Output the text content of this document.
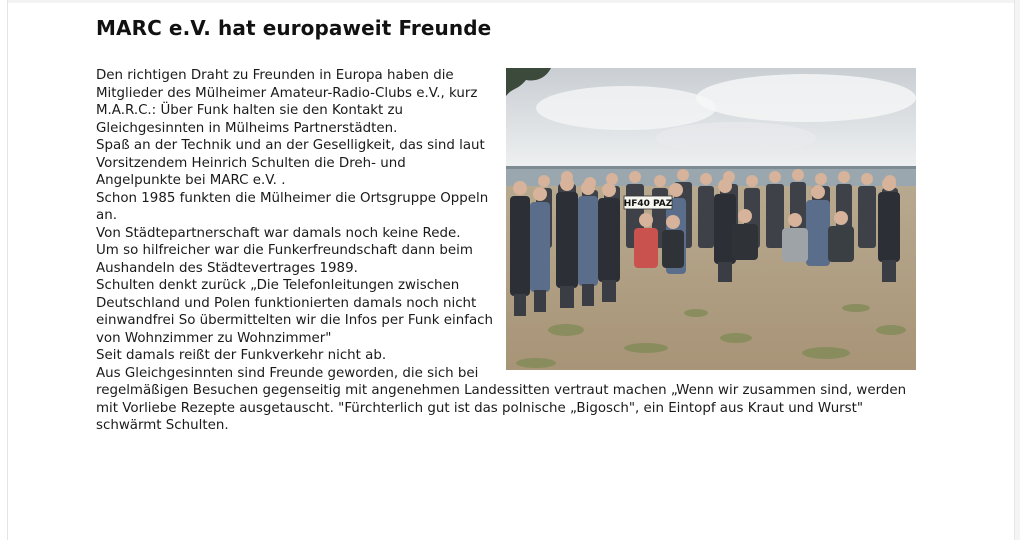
MARC e.V. hat europaweit Freunde
HF40 PAZ

Den richtigen Draht zu Freunden in Europa haben die Mitglieder des Mülheimer Amateur-Radio-Clubs e.V., kurz M.A.R.C.: Über Funk halten sie den Kontakt zu Gleichgesinnten in Mülheims Partnerstädten.

Spaß an der Technik und an der Geselligkeit, das sind laut Vorsitzendem Heinrich Schulten die Dreh- und Angelpunkte bei MARC e.V. .

Schon 1985 funkten die Mülheimer die Ortsgruppe Oppeln an.

Von Städtepartnerschaft war damals noch keine Rede.

Um so hilfreicher war die Funkerfreundschaft dann beim Aushandeln des Städtevertrages 1989.

Schulten denkt zurück „Die Telefonleitungen zwischen Deutschland und Polen funktionierten damals noch nicht einwandfrei So übermittelten wir die Infos per Funk einfach von Wohnzimmer zu Wohnzimmer"

Seit damals reißt der Funkverkehr nicht ab.

Aus Gleichgesinnten sind Freunde geworden, die sich bei regelmäßigen Besuchen gegenseitig mit angenehmen Landessitten vertraut machen „Wenn wir zusammen sind, werden mit Vorliebe Rezepte ausgetauscht. "Fürchterlich gut ist das polnische „Bigosch", ein Eintopf aus Kraut und Wurst" schwärmt Schulten.
